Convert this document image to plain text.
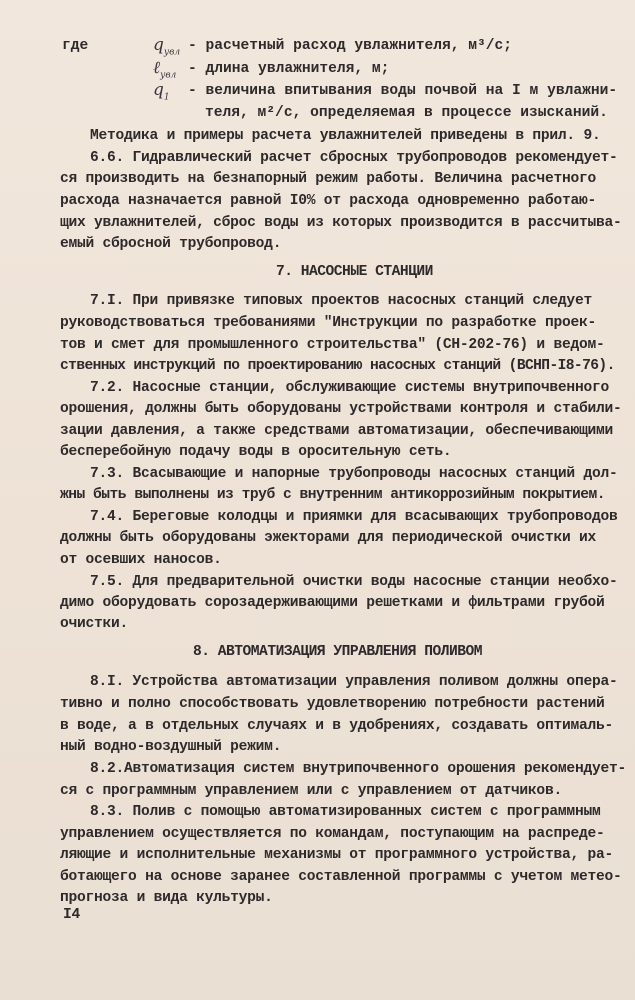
где	$q_{увл}$ - расчетный расход увлажнителя, м³/с;
ℓ$_{увл}$ - длина увлажнителя, м;
$q_1$ - величина впитывания воды почвой на I м увлажни-
теля, м²/с, определяемая в процессе изысканий.
Методика и примеры расчета увлажнителей приведены в прил. 9.
6.6. Гидравлический расчет сбросных трубопроводов рекомендует-
ся производить на безнапорный режим работы. Величина расчетного
расхода назначается равной I0% от расхода одновременно работаю-
щих увлажнителей, сброс воды из которых производится в рассчитыва-
емый сбросной трубопровод.
7. НАСОСНЫЕ СТАНЦИИ
7.I. При привязке типовых проектов насосных станций следует
руководствоваться требованиями "Инструкции по разработке проек-
тов и смет для промышленного строительства" (СН-202-76) и ведом-
ственных инструкций по проектированию насосных станций (ВСНП-I8-76).
7.2. Насосные станции, обслуживающие системы внутрипочвенного
орошения, должны быть оборудованы устройствами контроля и стабили-
зации давления, а также средствами автоматизации, обеспечивающими
бесперебойную подачу воды в оросительную сеть.
7.3. Всасывающие и напорные трубопроводы насосных станций дол-
жны быть выполнены из труб с внутренним антикоррозийным покрытием.
7.4. Береговые колодцы и приямки для всасывающих трубопроводов
должны быть оборудованы эжекторами для периодической очистки их
от осевших наносов.
7.5. Для предварительной очистки воды насосные станции необхо-
димо оборудовать сорозадерживающими решетками и фильтрами грубой
очистки.
8. АВТОМАТИЗАЦИЯ УПРАВЛЕНИЯ ПОЛИВОМ
8.I. Устройства автоматизации управления поливом должны опера-
тивно и полно способствовать удовлетворению потребности растений
в воде, а в отдельных случаях и в удобрениях, создавать оптималь-
ный водно-воздушный режим.
8.2.Автоматизация систем внутрипочвенного орошения рекомендует-
ся с программным управлением или с управлением от датчиков.
8.3. Полив с помощью автоматизированных систем с программным
управлением осуществляется по командам, поступающим на распреде-
ляющие и исполнительные механизмы от программного устройства, ра-
ботающего на основе заранее составленной программы с учетом метео-
прогноза и вида культуры.
I4
